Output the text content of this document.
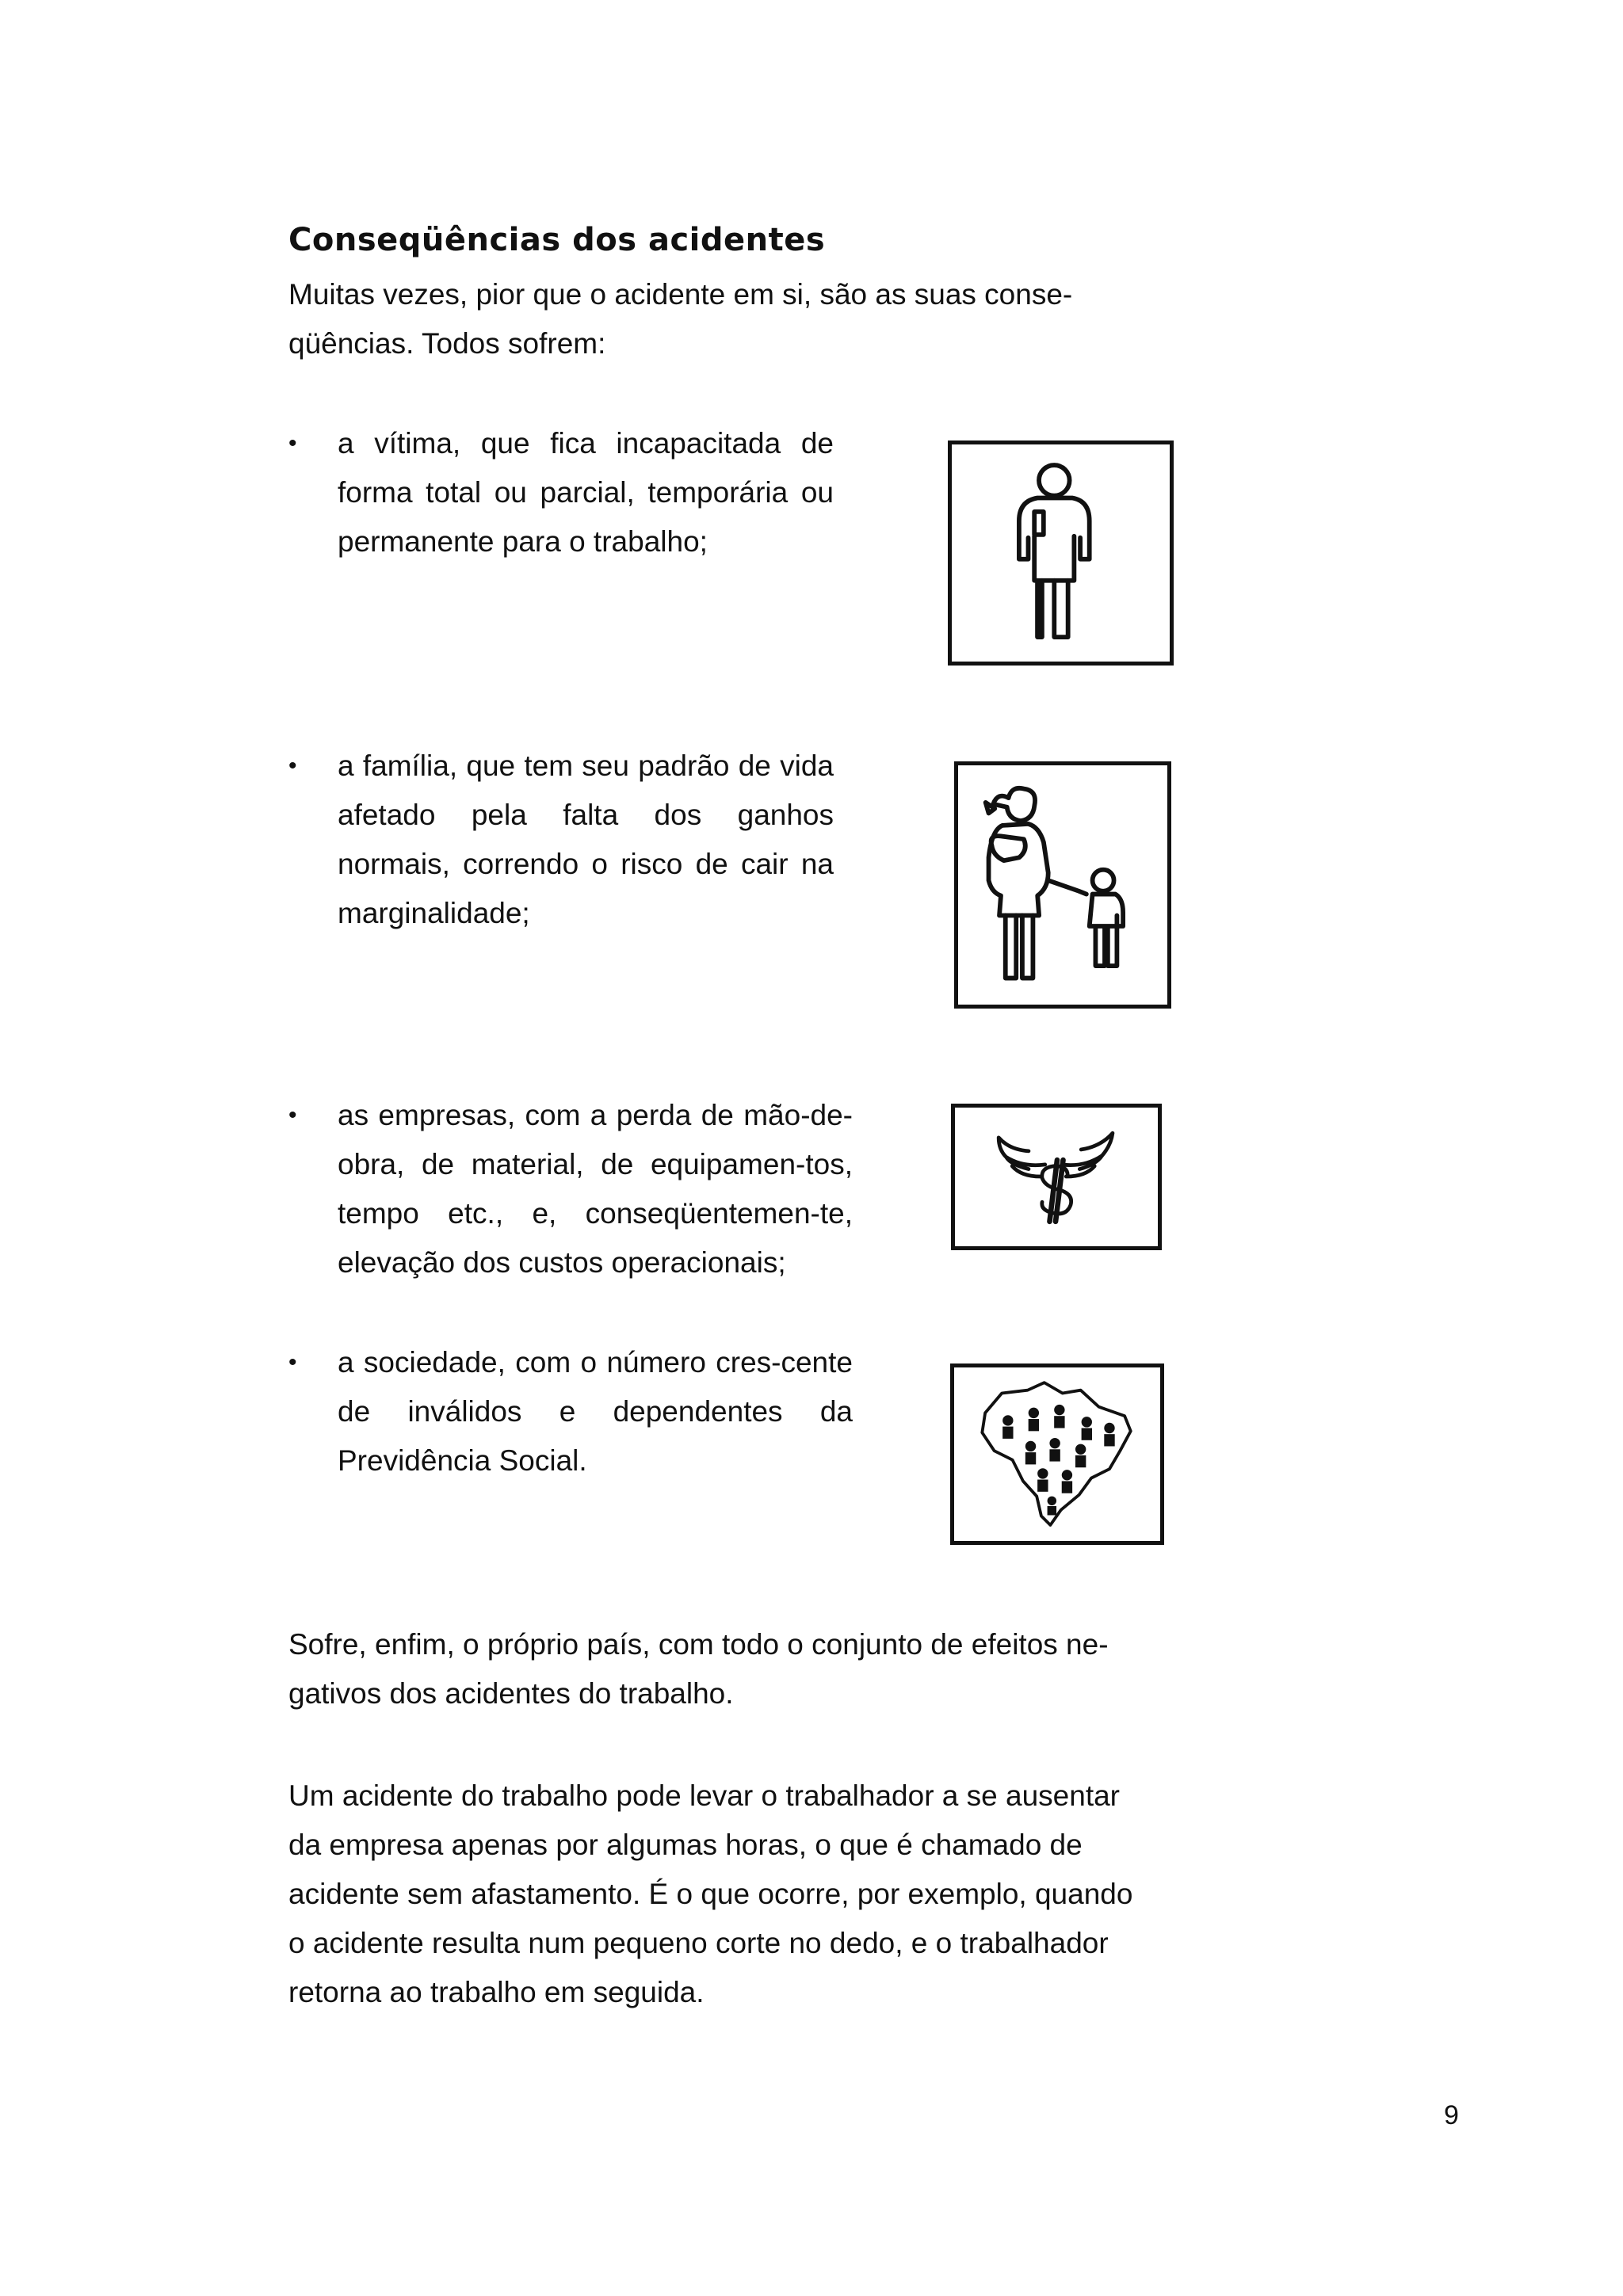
Conseqüências dos acidentes

Muitas vezes, pior que o acidente em si, são as suas conse-
qüências. Todos sofrem:

•	a vítima, que fica incapacitada de forma total ou parcial, temporária ou permanente para o trabalho;
•	a família, que tem seu padrão de vida afetado pela falta dos ganhos normais, correndo o risco de cair na marginalidade;
•	as empresas, com a perda de mão-de-obra, de material, de equipamen-tos, tempo etc., e, conseqüentemen-te, elevação dos custos operacionais;
•	a sociedade, com o número cres-cente de inválidos e dependentes da Previdência Social.

Sofre, enfim, o próprio país, com todo o conjunto de efeitos ne-
gativos dos acidentes do trabalho.

Um acidente do trabalho pode levar o trabalhador a se ausentar
da empresa apenas por algumas horas, o que é chamado de
acidente sem afastamento. É o que ocorre, por exemplo, quando
o acidente resulta num pequeno corte no dedo, e o trabalhador
retorna ao trabalho em seguida.

9
